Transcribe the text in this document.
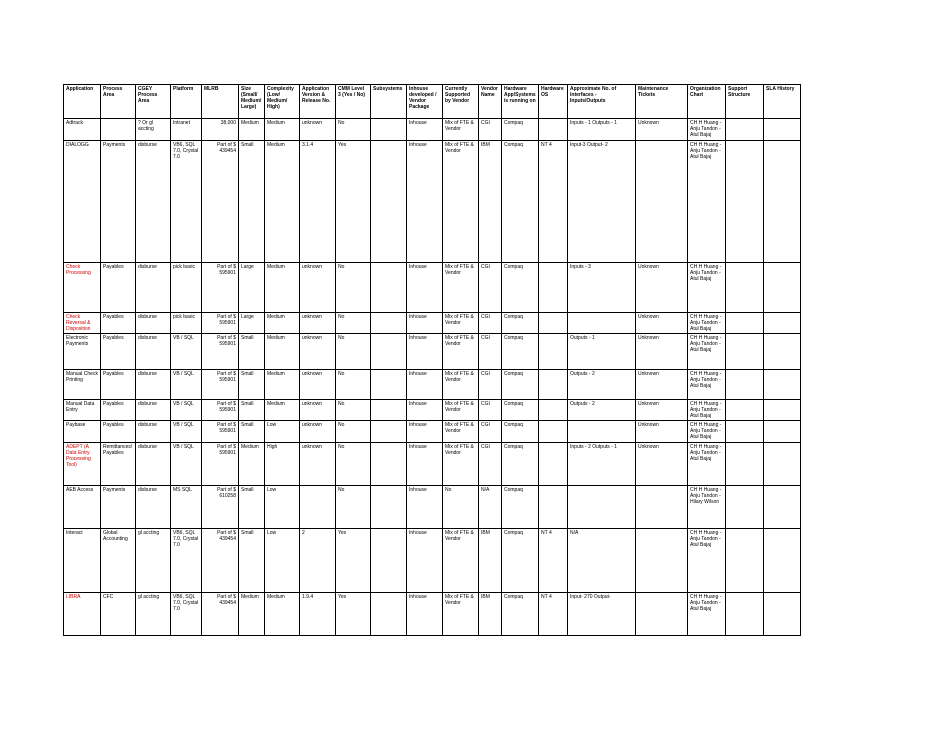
Application	Process Area	CGEY Process Area	Platform	MLRB	Size (Small/ Medium/ Large)	Complexity (Low/ Medium/ High)	Application Version & Release No.	CMM Level 3 (Yes / No)	Subsystems	Inhouse developed / Vendor Package	Currently Supported by Vendor	Vendor Name	Hardware App/Systems is running on	Hardware OS	Approximate No. of interfaces - Inputs/Outputs	Maintenance Tickets	Organization Chart	Support Structure	SLA History
Adtrack		? Or gl accting	Intranet	38,000	Medium	Medium	unknown	No		Inhouse	Mix of FTE & Vendor	CGI	Compaq		Inputs - 1 Outputs - 1	Unknown	CH H Huang - Anju Tandon - Atul Bajaj		
DIALOGG	Payments	disburse	VB6, SQL 7.0, Crystal 7.0	Part of $ 439454	Small	Medium	3.1.4	Yes		Inhouse	Mix of FTE & Vendor	IBM	Compaq	NT 4	Input-3 Output- 2		CH H Huang - Anju Tandon - Atul Bajaj		
Check Processing	Payables	disburse	pick basic	Part of $ 595901	Large	Medium	unknown	No		Inhouse	Mix of FTE & Vendor	CGI	Compaq		Inputs - 3	Unknown	CH H Huang - Anju Tandon - Atul Bajaj		
Check Reversal & Disposition	Payables	disburse	pick basic	Part of $ 595901	Large	Medium	unknown	No		Inhouse	Mix of FTE & Vendor	CGI	Compaq			Unknown	CH H Huang - Anju Tandon - Atul Bajaj		
Electronic Payments	Payables	disburse	VB / SQL	Part of $ 595901	Small	Medium	unknown	No		Inhouse	Mix of FTE & Vendor	CGI	Compaq		Outputs - 1	Unknown	CH H Huang - Anju Tandon - Atul Bajaj		
Manual Check Printing	Payables	disburse	VB / SQL	Part of $ 595901	Small	Medium	unknown	No		Inhouse	Mix of FTE & Vendor	CGI	Compaq		Outputs - 2	Unknown	CH H Huang - Anju Tandon - Atul Bajaj		
Manual Data Entry	Payables	disburse	VB / SQL	Part of $ 595901	Small	Medium	unknown	No		Inhouse	Mix of FTE & Vendor	CGI	Compaq		Outputs - 2	Unknown	CH H Huang - Anju Tandon - Atul Bajaj		
Paybase	Payables	disburse	VB / SQL	Part of $ 595901	Small	Low	unknown	No		Inhouse	Mix of FTE & Vendor	CGI	Compaq			Unknown	CH H Huang - Anju Tandon - Atul Bajaj		
ADEPT (A Data Entry Processing Tool)	Remittances/ Payables	disburse	VB / SQL	Part of $ 595901	Medium	High	unknown	No		Inhouse	Mix of FTE & Vendor	CGI	Compaq		Inputs - 2 Outputs - 1	Unknown	CH H Huang - Anju Tandon - Atul Bajaj		
AEB Access	Payments	disburse	MS SQL	Part of $ 610258	Small	Low		No		Inhouse	No	N/A	Compaq				CH H Huang - Anju Tandon - Hilary Wilson		
Interact	Global Accounting	gl accting	VB6, SQL 7.0, Crystal 7.0	Part of $ 439454	Small	Low	2	Yes		Inhouse	Mix of FTE & Vendor	IBM	Compaq	NT 4	N/A		CH H Huang - Anju Tandon - Atul Bajaj		
LIBRA	CFC	gl accting	VB6, SQL 7.0, Crystal 7.0	Part of $ 439454	Medium	Medium	1.9.4	Yes		Inhouse	Mix of FTE & Vendor	IBM	Compaq	NT 4	Input- 270 Output-		CH H Huang - Anju Tandon - Atul Bajaj		
